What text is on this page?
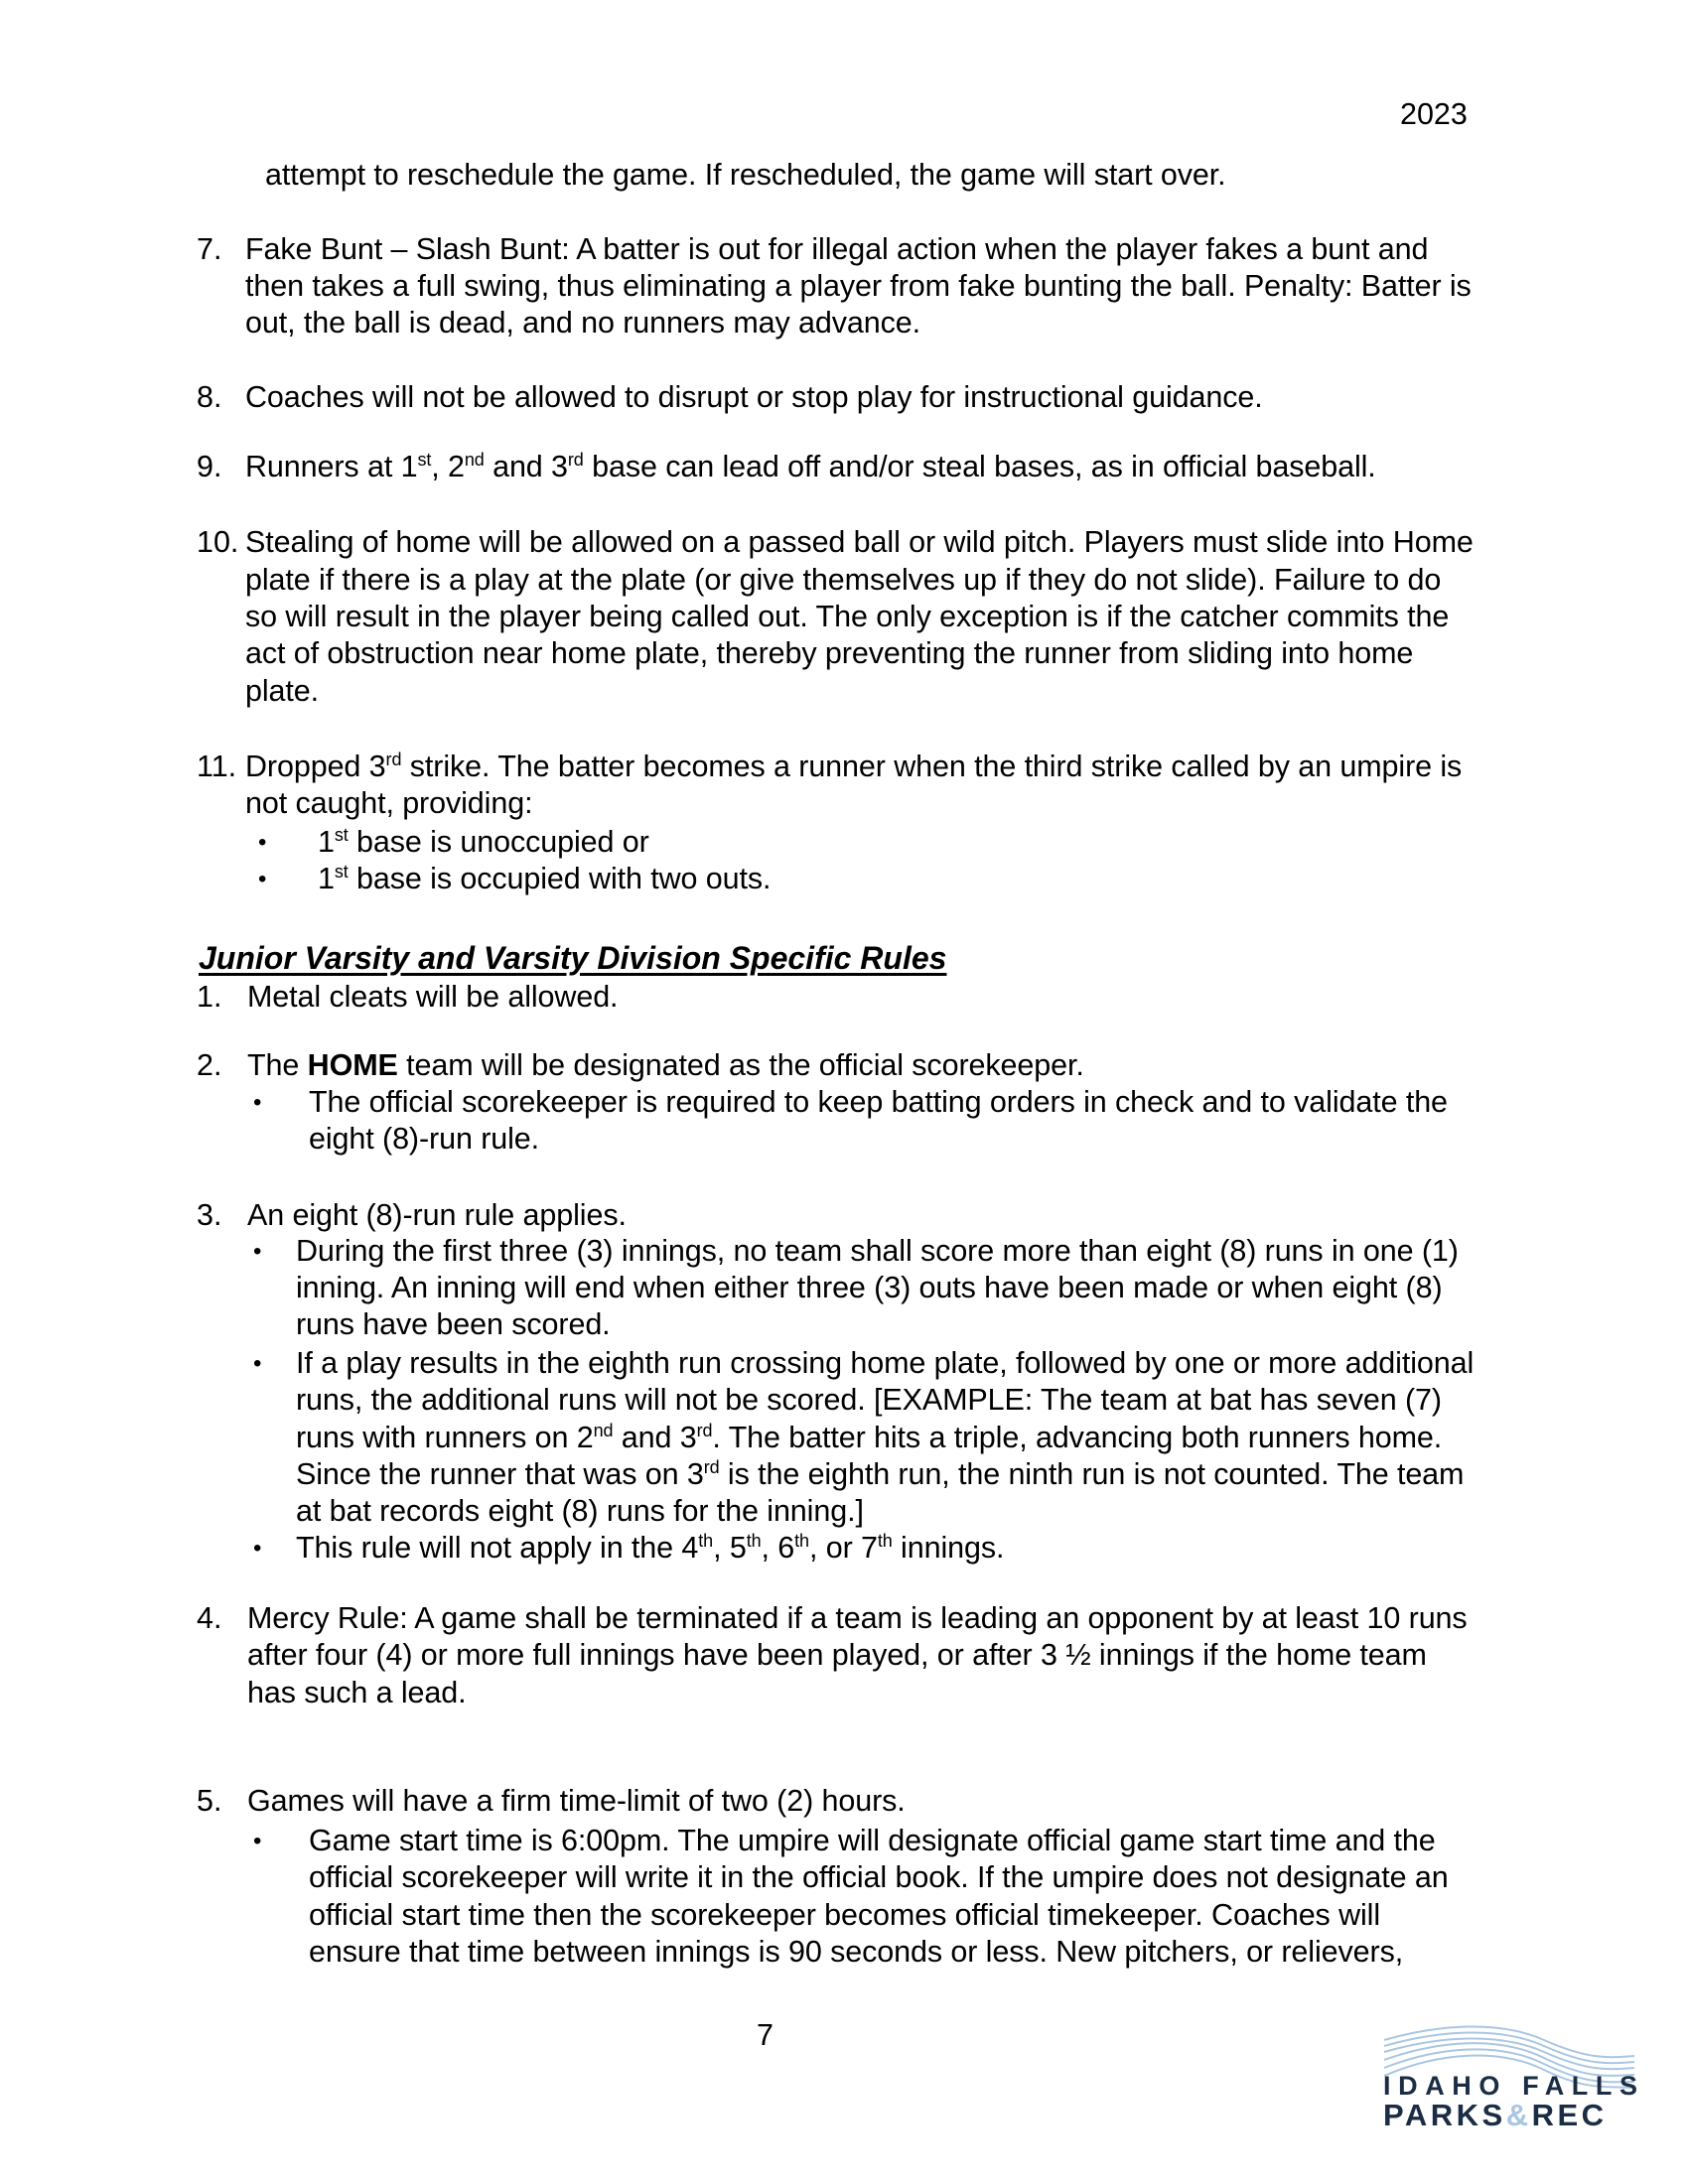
2023
attempt to reschedule the game. If rescheduled, the game will start over.
7. Fake Bunt – Slash Bunt: A batter is out for illegal action when the player fakes a bunt and
then takes a full swing, thus eliminating a player from fake bunting the ball. Penalty: Batter is
out, the ball is dead, and no runners may advance.
8. Coaches will not be allowed to disrupt or stop play for instructional guidance.
9. Runners at 1st, 2nd and 3rd base can lead off and/or steal bases, as in official baseball.
10. Stealing of home will be allowed on a passed ball or wild pitch. Players must slide into Home
plate if there is a play at the plate (or give themselves up if they do not slide). Failure to do
so will result in the player being called out. The only exception is if the catcher commits the
act of obstruction near home plate, thereby preventing the runner from sliding into home
plate.
11. Dropped 3rd strike. The batter becomes a runner when the third strike called by an umpire is
not caught, providing:
• 1st base is unoccupied or
• 1st base is occupied with two outs.
Junior Varsity and Varsity Division Specific Rules
1. Metal cleats will be allowed.
2. The HOME team will be designated as the official scorekeeper.
• The official scorekeeper is required to keep batting orders in check and to validate the
eight (8)-run rule.
3. An eight (8)-run rule applies.
• During the first three (3) innings, no team shall score more than eight (8) runs in one (1)
inning. An inning will end when either three (3) outs have been made or when eight (8)
runs have been scored.
• If a play results in the eighth run crossing home plate, followed by one or more additional
runs, the additional runs will not be scored. [EXAMPLE: The team at bat has seven (7)
runs with runners on 2nd and 3rd. The batter hits a triple, advancing both runners home.
Since the runner that was on 3rd is the eighth run, the ninth run is not counted. The team
at bat records eight (8) runs for the inning.]
• This rule will not apply in the 4th, 5th, 6th, or 7th innings.
4. Mercy Rule: A game shall be terminated if a team is leading an opponent by at least 10 runs
after four (4) or more full innings have been played, or after 3 ½ innings if the home team
has such a lead.
5. Games will have a firm time-limit of two (2) hours.
• Game start time is 6:00pm. The umpire will designate official game start time and the
official scorekeeper will write it in the official book. If the umpire does not designate an
official start time then the scorekeeper becomes official timekeeper. Coaches will
ensure that time between innings is 90 seconds or less. New pitchers, or relievers,
7
IDAHO FALLS
PARKS&REC
